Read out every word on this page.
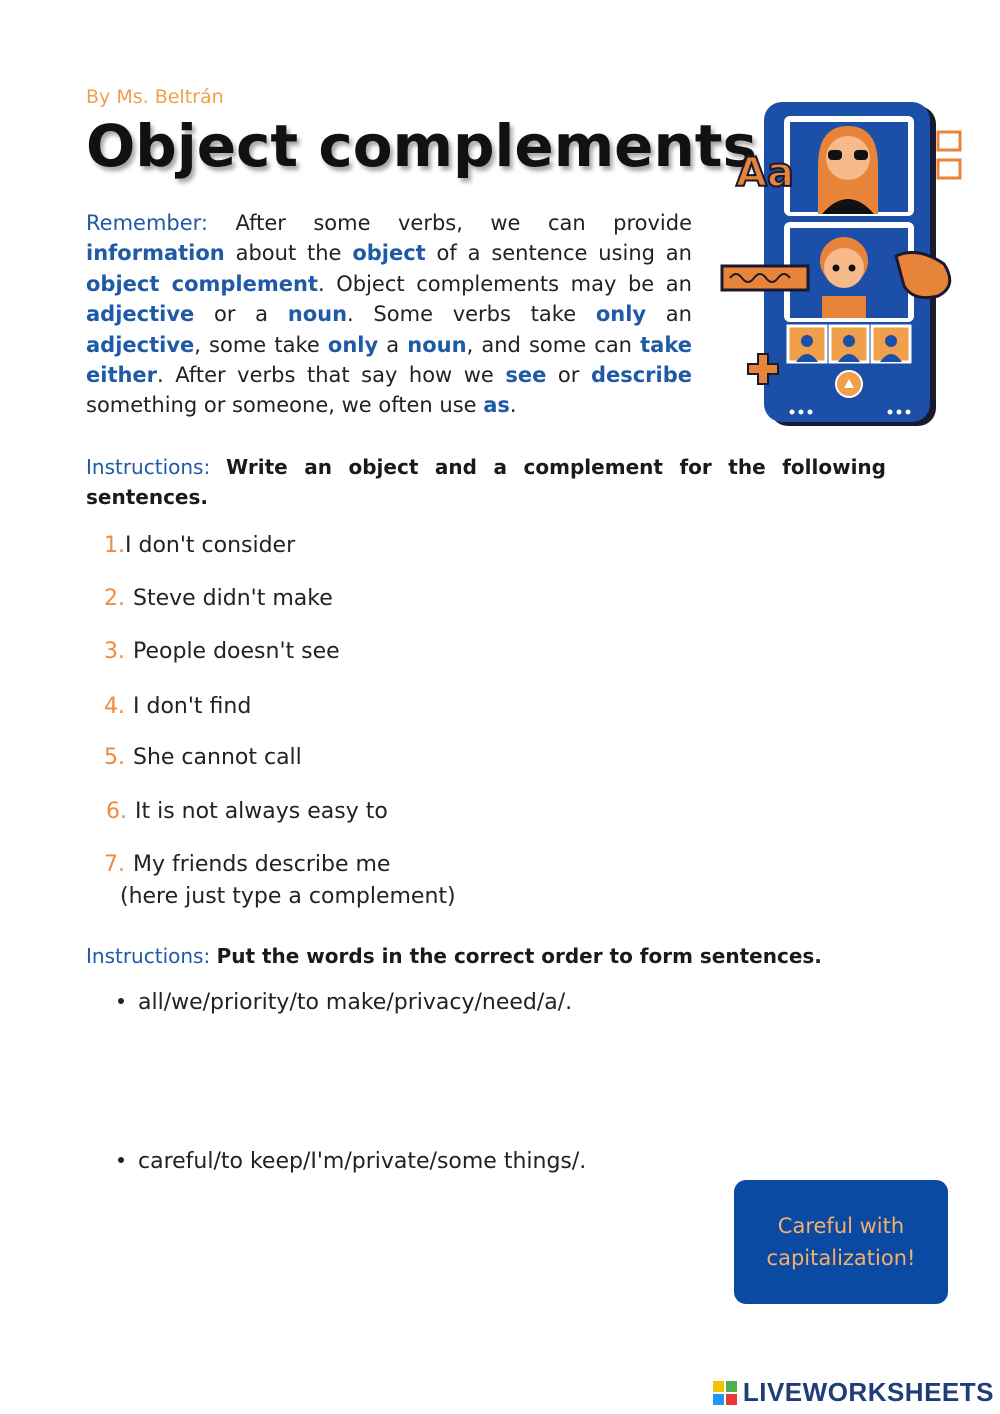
By Ms. Beltrán
Object complements
Remember: After some verbs, we can provide information about the object of a sentence using an object complement. Object complements may be an adjective or a noun. Some verbs take only an adjective, some take only a noun, and some can take either. After verbs that say how we see or describe something or someone, we often use as.
Aa
Instructions: Write an object and a complement for the following sentences.
1.I don't consider
2. Steve didn't make
3. People doesn't see
4. I don't find
5. She cannot call
6. It is not always easy to
7. My friends describe me
(here just type a complement)
Instructions: Put the words in the correct order to form sentences.
all/we/priority/to make/privacy/need/a/.
careful/to keep/I'm/private/some things/.
Careful with
capitalization!
LIVEWORKSHEETS
